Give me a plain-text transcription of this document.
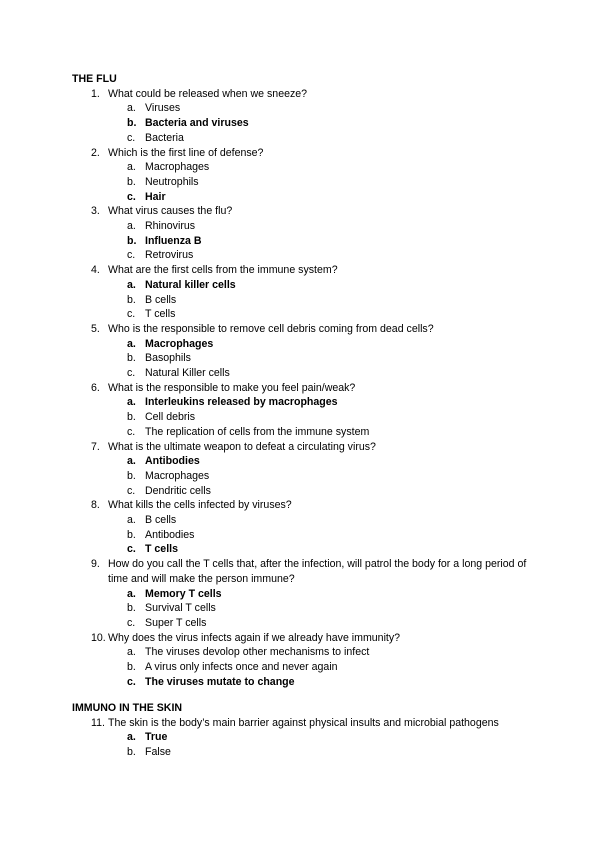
THE FLU
1. What could be released when we sneeze?
a. Viruses
b. Bacteria and viruses
c. Bacteria
2. Which is the first line of defense?
a. Macrophages
b. Neutrophils
c. Hair
3. What virus causes the flu?
a. Rhinovirus
b. Influenza B
c. Retrovirus
4. What are the first cells from the immune system?
a. Natural killer cells
b. B cells
c. T cells
5. Who is the responsible to remove cell debris coming from dead cells?
a. Macrophages
b. Basophils
c. Natural Killer cells
6. What is the responsible to make you feel pain/weak?
a. Interleukins released by macrophages
b. Cell debris
c. The replication of cells from the immune system
7. What is the ultimate weapon to defeat a circulating virus?
a. Antibodies
b. Macrophages
c. Dendritic cells
8. What kills the cells infected by viruses?
a. B cells
b. Antibodies
c. T cells
9. How do you call the T cells that, after the infection, will patrol the body for a long period of time and will make the person immune?
a. Memory T cells
b. Survival T cells
c. Super T cells
10. Why does the virus infects again if we already have immunity?
a. The viruses devolop other mechanisms to infect
b. A virus only infects once and never again
c. The viruses mutate to change
IMMUNO IN THE SKIN
11. The skin is the body’s main barrier against physical insults and microbial pathogens
a. True
b. False
